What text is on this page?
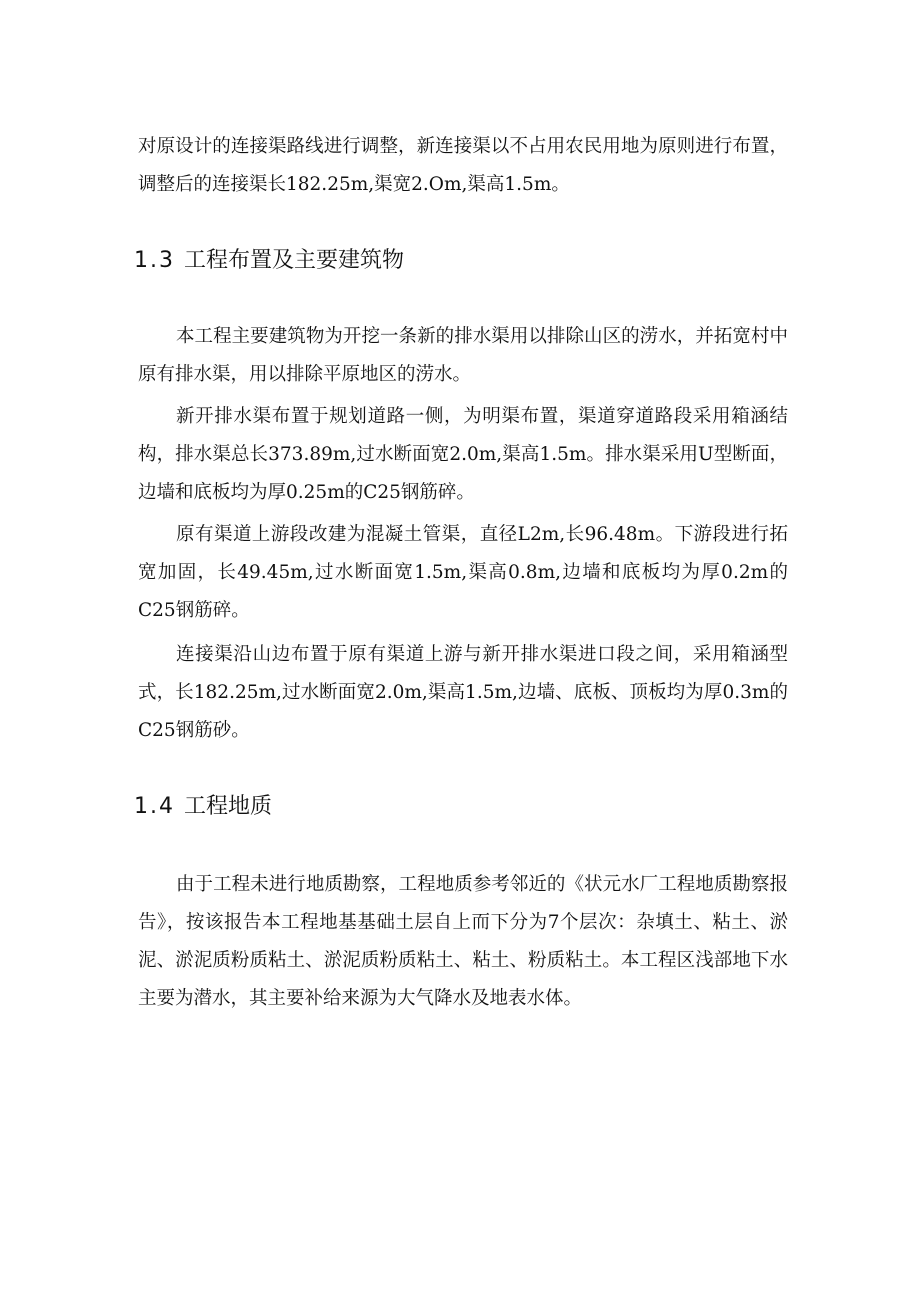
对原设计的连接渠路线进行调整，新连接渠以不占用农民用地为原则进行布置，调整后的连接渠长182.25m,渠宽2.Om,渠高1.5m。

1.3 工程布置及主要建筑物

本工程主要建筑物为开挖一条新的排水渠用以排除山区的涝水，并拓宽村中原有排水渠，用以排除平原地区的涝水。

新开排水渠布置于规划道路一侧，为明渠布置，渠道穿道路段采用箱涵结构，排水渠总长373.89m,过水断面宽2.0m,渠高1.5m。排水渠采用U型断面，边墙和底板均为厚0.25m的C25钢筋碎。

原有渠道上游段改建为混凝土管渠，直径L2m,长96.48m。下游段进行拓宽加固，长49.45m,过水断面宽1.5m,渠高0.8m,边墙和底板均为厚0.2m的C25钢筋碎。

连接渠沿山边布置于原有渠道上游与新开排水渠进口段之间，采用箱涵型式，长182.25m,过水断面宽2.0m,渠高1.5m,边墙、底板、顶板均为厚0.3m的C25钢筋砂。

1.4 工程地质

由于工程未进行地质勘察，工程地质参考邻近的《状元水厂工程地质勘察报告》，按该报告本工程地基基础土层自上而下分为7个层次：杂填土、粘土、淤泥、淤泥质粉质粘土、淤泥质粉质粘土、粘土、粉质粘土。本工程区浅部地下水主要为潜水，其主要补给来源为大气降水及地表水体。
